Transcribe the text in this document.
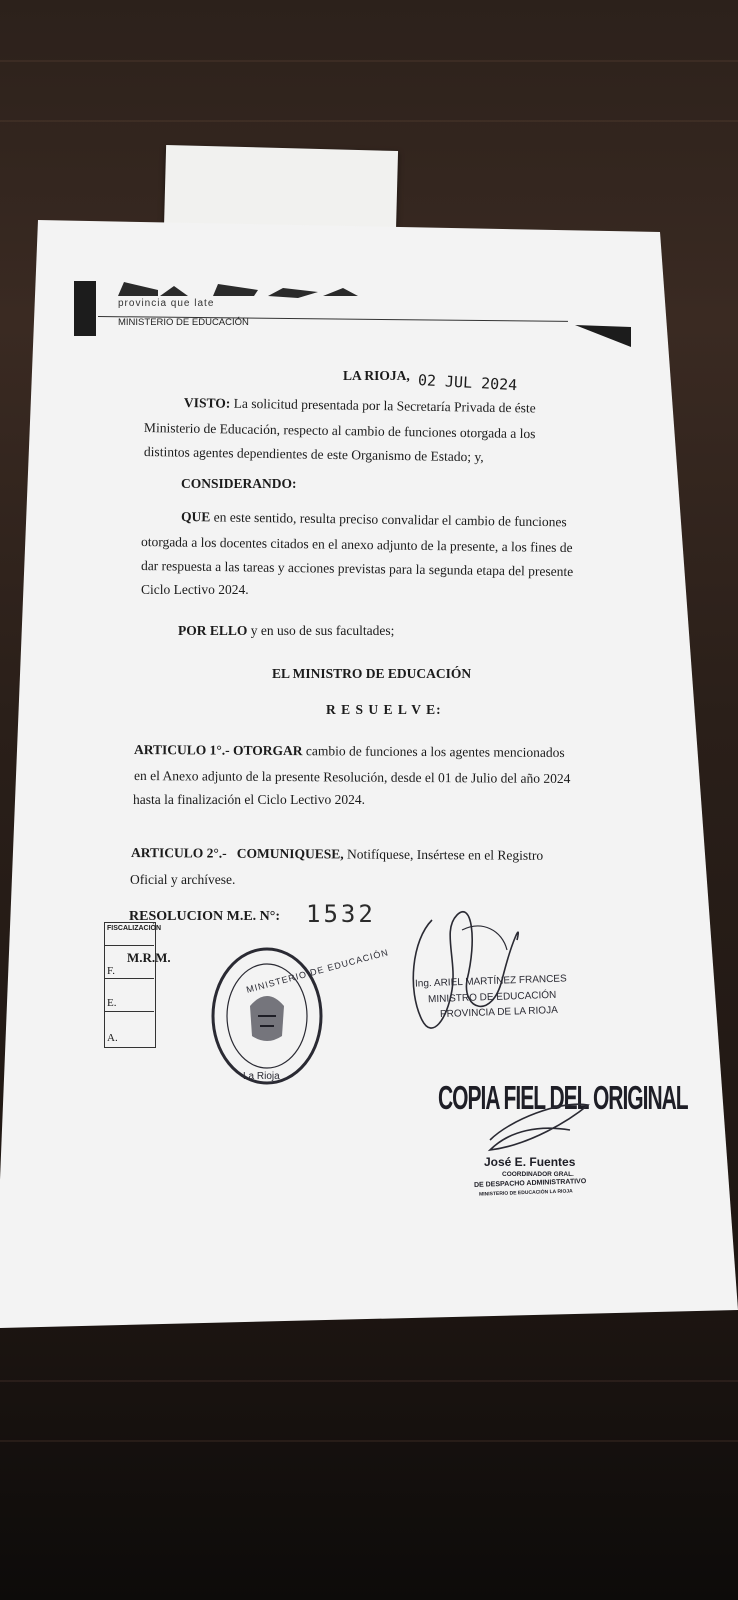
provincia que late
MINISTERIO DE EDUCACIÓN
LA RIOJA, 02 JUL 2024
VISTO: La solicitud presentada por la Secretaría Privada de éste
Ministerio de Educación, respecto al cambio de funciones otorgada a los
distintos agentes dependientes de este Organismo de Estado; y,
CONSIDERANDO:
QUE en este sentido, resulta preciso convalidar el cambio de funciones
otorgada a los docentes citados en el anexo adjunto de la presente, a los fines de
dar respuesta a las tareas y acciones previstas para la segunda etapa del presente
Ciclo Lectivo 2024.
POR ELLO y en uso de sus facultades;
EL MINISTRO DE EDUCACIÓN
R E S U E L V E:
ARTICULO 1°.- OTORGAR cambio de funciones a los agentes mencionados
en el Anexo adjunto de la presente Resolución, desde el 01 de Julio del año 2024
hasta la finalización el Ciclo Lectivo 2024.
ARTICULO 2°.- COMUNIQUESE, Notifíquese, Insértese en el Registro
Oficial y archívese.
RESOLUCION M.E. N°: 1532
FISCALIZACIÓN
F.
E.
A.
M.R.M.	MINISTERIO DE EDUCACIÓN
La Rioja
Ing. ARIEL MARTÍNEZ FRANCES
MINISTRO DE EDUCACIÓN
PROVINCIA DE LA RIOJA
COPIA FIEL DEL ORIGINAL
José E. Fuentes
COORDINADOR GRAL.
DE DESPACHO ADMINISTRATIVO
MINISTERIO DE EDUCACIÓN LA RIOJA
